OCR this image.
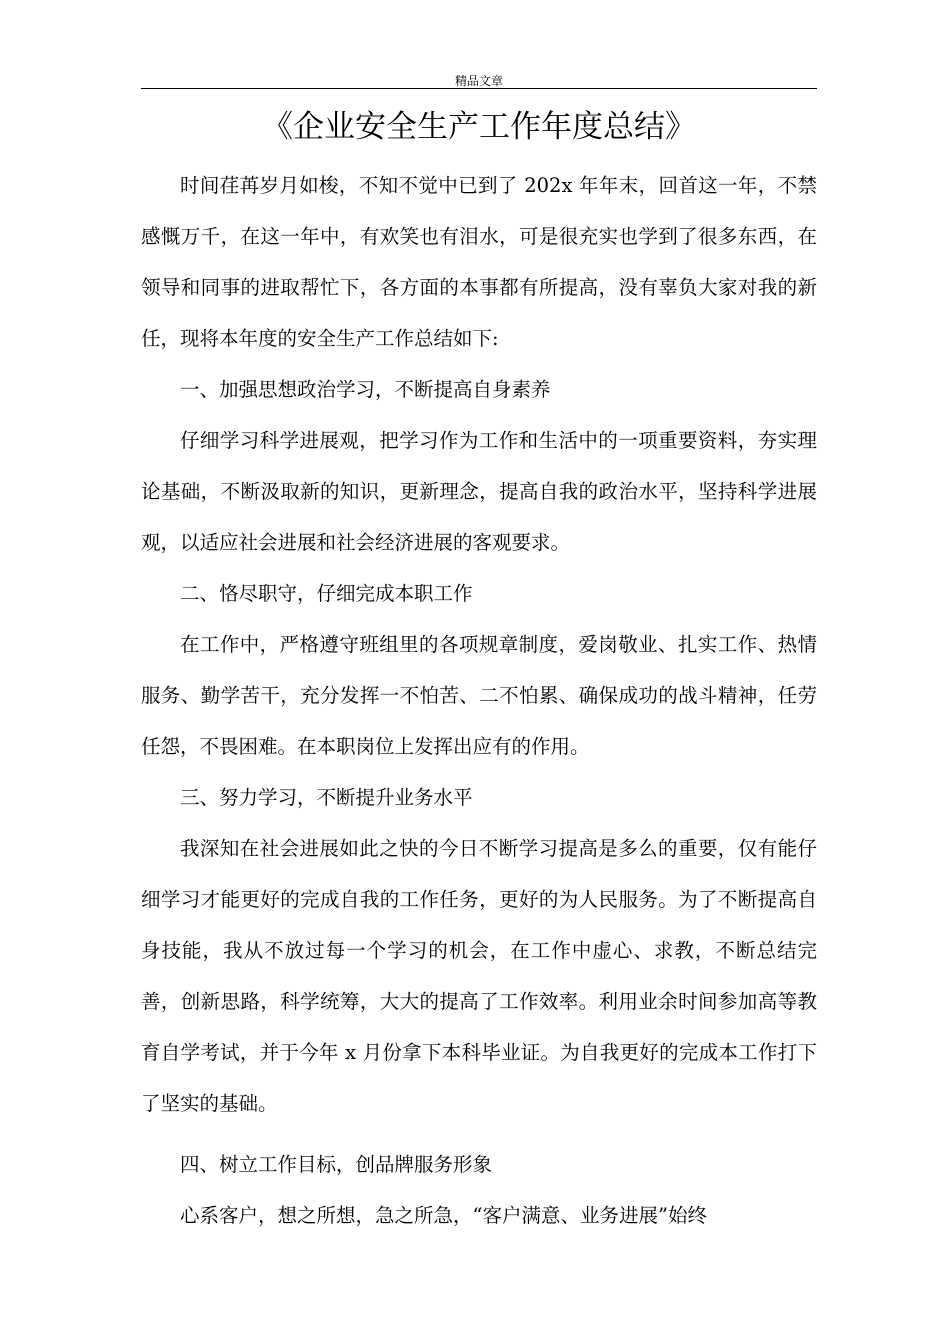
精品文章
《企业安全生产工作年度总结》

时间荏苒岁月如梭，不知不觉中已到了 202x 年年末，回首这一年，不禁感慨万千，在这一年中，有欢笑也有泪水，可是很充实也学到了很多东西，在领导和同事的进取帮忙下，各方面的本事都有所提高，没有辜负大家对我的新任，现将本年度的安全生产工作总结如下:

一、加强思想政治学习，不断提高自身素养

仔细学习科学进展观，把学习作为工作和生活中的一项重要资料，夯实理论基础，不断汲取新的知识，更新理念，提高自我的政治水平，坚持科学进展观，以适应社会进展和社会经济进展的客观要求。

二、恪尽职守，仔细完成本职工作

在工作中，严格遵守班组里的各项规章制度，爱岗敬业、扎实工作、热情服务、勤学苦干，充分发挥一不怕苦、二不怕累、确保成功的战斗精神，任劳任怨，不畏困难。在本职岗位上发挥出应有的作用。

三、努力学习，不断提升业务水平

我深知在社会进展如此之快的今日不断学习提高是多么的重要，仅有能仔细学习才能更好的完成自我的工作任务，更好的为人民服务。为了不断提高自身技能，我从不放过每一个学习的机会，在工作中虚心、求教，不断总结完善，创新思路，科学统筹，大大的提高了工作效率。利用业余时间参加高等教育自学考试，并于今年 x 月份拿下本科毕业证。为自我更好的完成本工作打下了坚实的基础。

四、树立工作目标，创品牌服务形象

心系客户，想之所想，急之所急，“客户满意、业务进展”始终
